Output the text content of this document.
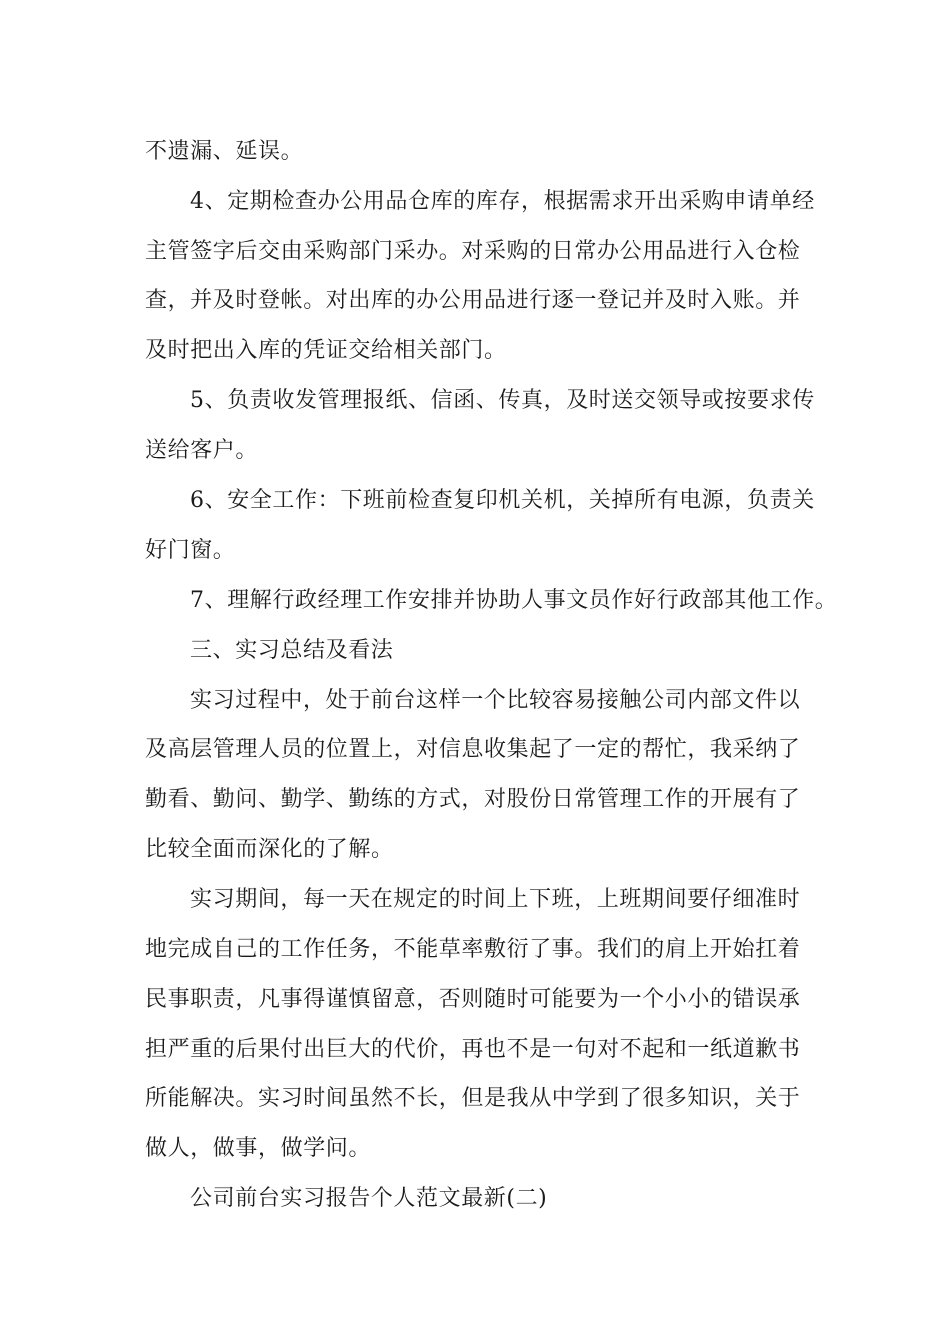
不遗漏、延误。
4、定期检查办公用品仓库的库存，根据需求开出采购申请单经
主管签字后交由采购部门采办。对采购的日常办公用品进行入仓检
查，并及时登帐。对出库的办公用品进行逐一登记并及时入账。并
及时把出入库的凭证交给相关部门。
5、负责收发管理报纸、信函、传真，及时送交领导或按要求传
送给客户。
6、安全工作：下班前检查复印机关机，关掉所有电源，负责关
好门窗。
7、理解行政经理工作安排并协助人事文员作好行政部其他工作。
三、实习总结及看法
实习过程中，处于前台这样一个比较容易接触公司内部文件以
及高层管理人员的位置上，对信息收集起了一定的帮忙，我采纳了
勤看、勤问、勤学、勤练的方式，对股份日常管理工作的开展有了
比较全面而深化的了解。
实习期间，每一天在规定的时间上下班，上班期间要仔细准时
地完成自己的工作任务，不能草率敷衍了事。我们的肩上开始扛着
民事职责，凡事得谨慎留意，否则随时可能要为一个小小的错误承
担严重的后果付出巨大的代价，再也不是一句对不起和一纸道歉书
所能解决。实习时间虽然不长，但是我从中学到了很多知识，关于
做人，做事，做学问。
公司前台实习报告个人范文最新(二)
